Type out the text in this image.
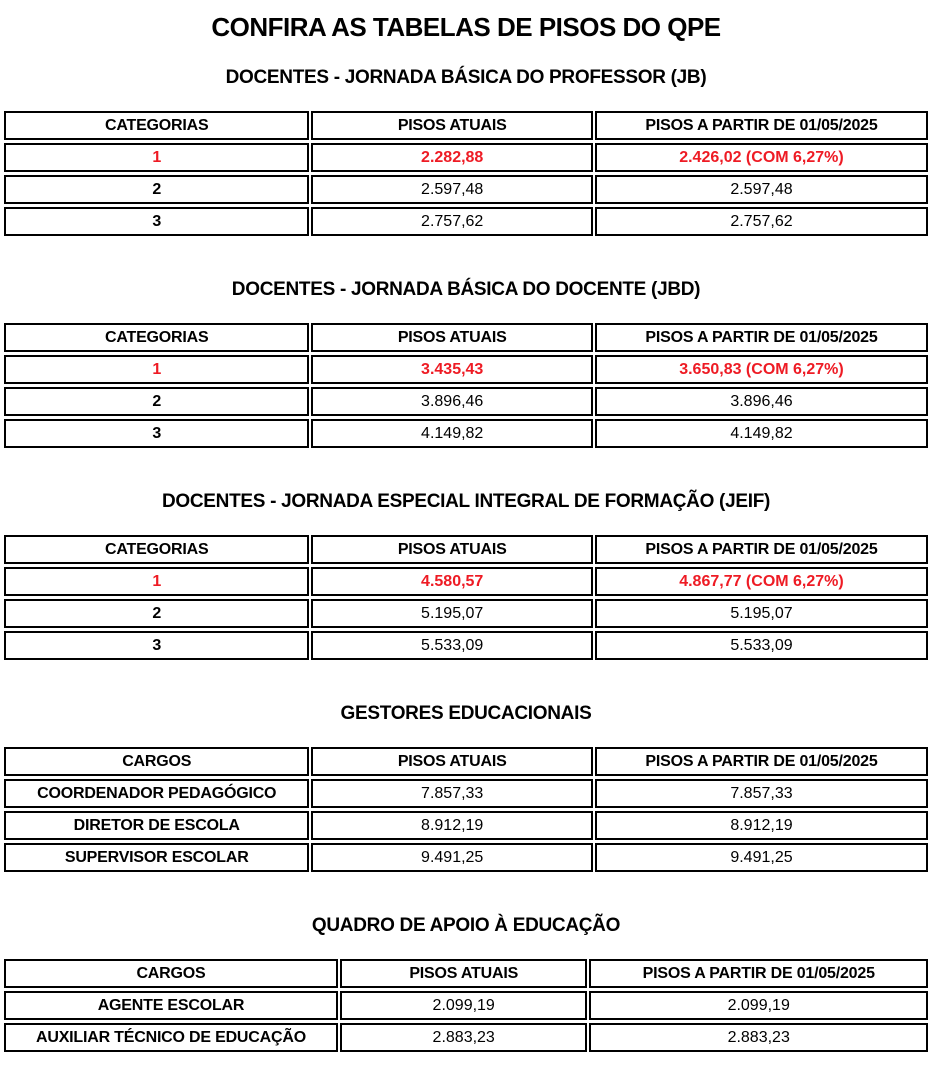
CONFIRA AS TABELAS DE PISOS DO QPE
DOCENTES - JORNADA BÁSICA DO PROFESSOR (JB)
CATEGORIAS	PISOS ATUAIS	PISOS A PARTIR DE 01/05/2025
1	2.282,88	2.426,02 (COM 6,27%)
2	2.597,48	2.597,48
3	2.757,62	2.757,62
DOCENTES - JORNADA BÁSICA DO DOCENTE (JBD)
CATEGORIAS	PISOS ATUAIS	PISOS A PARTIR DE 01/05/2025
1	3.435,43	3.650,83 (COM 6,27%)
2	3.896,46	3.896,46
3	4.149,82	4.149,82
DOCENTES - JORNADA ESPECIAL INTEGRAL DE FORMAÇÃO (JEIF)
CATEGORIAS	PISOS ATUAIS	PISOS A PARTIR DE 01/05/2025
1	4.580,57	4.867,77 (COM 6,27%)
2	5.195,07	5.195,07
3	5.533,09	5.533,09
GESTORES EDUCACIONAIS
CARGOS	PISOS ATUAIS	PISOS A PARTIR DE 01/05/2025
COORDENADOR PEDAGÓGICO	7.857,33	7.857,33
DIRETOR DE ESCOLA	8.912,19	8.912,19
SUPERVISOR ESCOLAR	9.491,25	9.491,25
QUADRO DE APOIO À EDUCAÇÃO
CARGOS	PISOS ATUAIS	PISOS A PARTIR DE 01/05/2025
AGENTE ESCOLAR	2.099,19	2.099,19
AUXILIAR TÉCNICO DE EDUCAÇÃO	2.883,23	2.883,23
